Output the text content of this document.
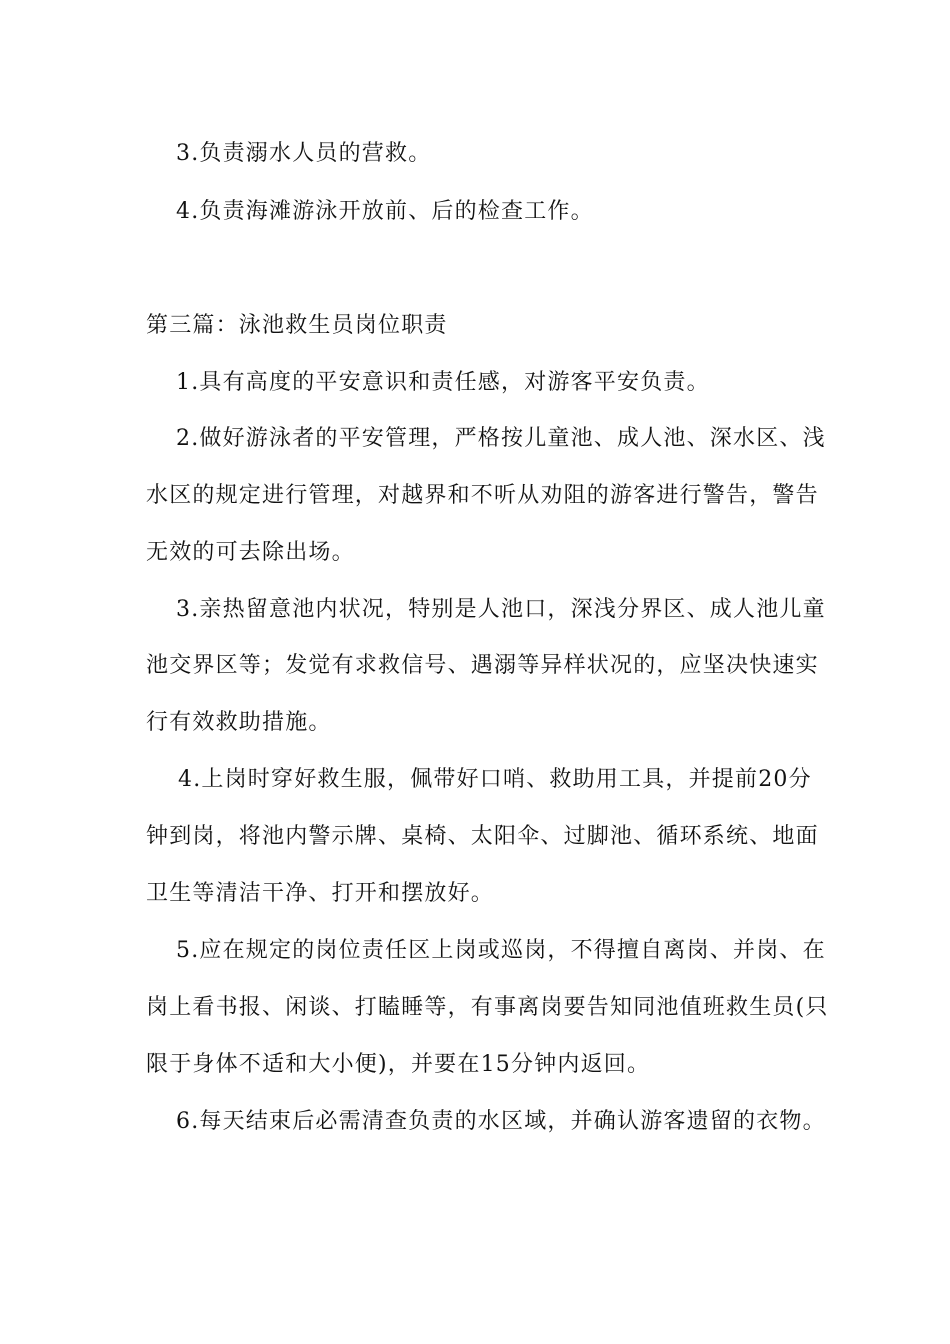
3.负责溺水人员的营救。
4.负责海滩游泳开放前、后的检查工作。
第三篇：泳池救生员岗位职责
1.具有高度的平安意识和责任感，对游客平安负责。
2.做好游泳者的平安管理，严格按儿童池、成人池、深水区、浅
水区的规定进行管理，对越界和不听从劝阻的游客进行警告，警告
无效的可去除出场。
3.亲热留意池内状况，特别是人池口，深浅分界区、成人池儿童
池交界区等；发觉有求救信号、遇溺等异样状况的，应坚决快速实
行有效救助措施。
4.上岗时穿好救生服，佩带好口哨、救助用工具，并提前20分
钟到岗，将池内警示牌、桌椅、太阳伞、过脚池、循环系统、地面
卫生等清洁干净、打开和摆放好。
5.应在规定的岗位责任区上岗或巡岗，不得擅自离岗、并岗、在
岗上看书报、闲谈、打瞌睡等，有事离岗要告知同池值班救生员(只
限于身体不适和大小便)，并要在15分钟内返回。
6.每天结束后必需清查负责的水区域，并确认游客遗留的衣物。
